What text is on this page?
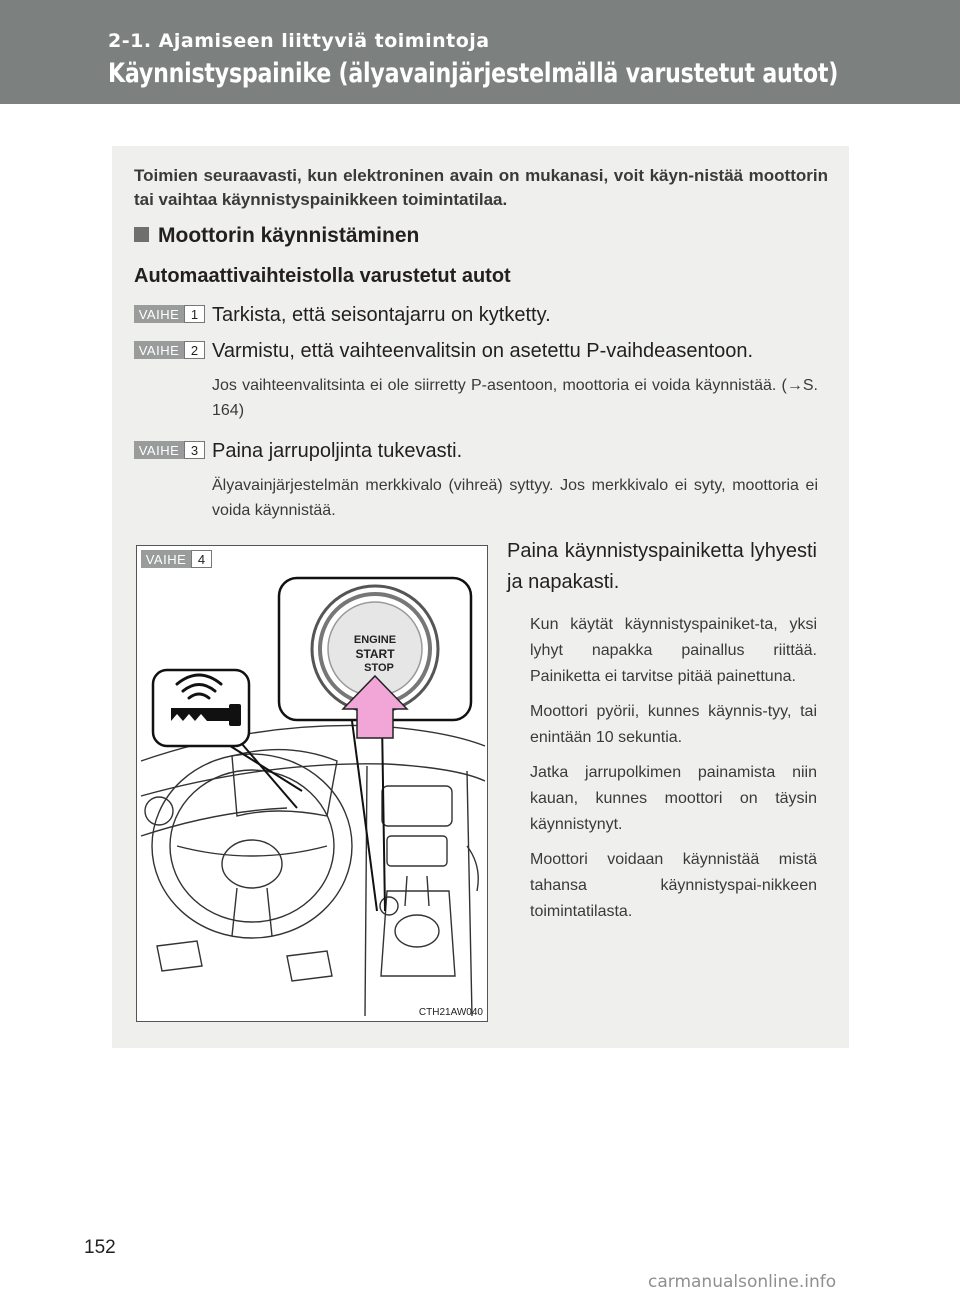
2-1. Ajamiseen liittyviä toimintoja
Käynnistyspainike (älyavainjärjestelmällä varustetut autot)
Toimien seuraavasti, kun elektroninen avain on mukanasi, voit käyn-nistää moottorin tai vaihtaa käynnistyspainikkeen toimintatilaa.
Moottorin käynnistäminen
Automaattivaihteistolla varustetut autot
VAIHE 1 Tarkista, että seisontajarru on kytketty.
VAIHE 2 Varmistu, että vaihteenvalitsin on asetettu P-vaihdeasentoon.
Jos vaihteenvalitsinta ei ole siirretty P-asentoon, moottoria ei voida käynnistää. (→S. 164)
VAIHE 3 Paina jarrupoljinta tukevasti.
Älyavainjärjestelmän merkkivalo (vihreä) syttyy. Jos merkkivalo ei syty, moottoria ei voida käynnistää.
ENGINE
START
STOP
VAIHE 4
CTH21AW040
Paina käynnistyspainiketta lyhyesti ja napakasti.

Kun käytät käynnistyspainiket-ta, yksi lyhyt napakka painallus riittää. Painiketta ei tarvitse pitää painettuna.

Moottori pyörii, kunnes käynnis-tyy, tai enintään 10 sekuntia.

Jatka jarrupolkimen painamista niin kauan, kunnes moottori on täysin käynnistynyt.

Moottori voidaan käynnistää mistä tahansa käynnistyspai-nikkeen toimintatilasta.

152
carmanualsonline.info
